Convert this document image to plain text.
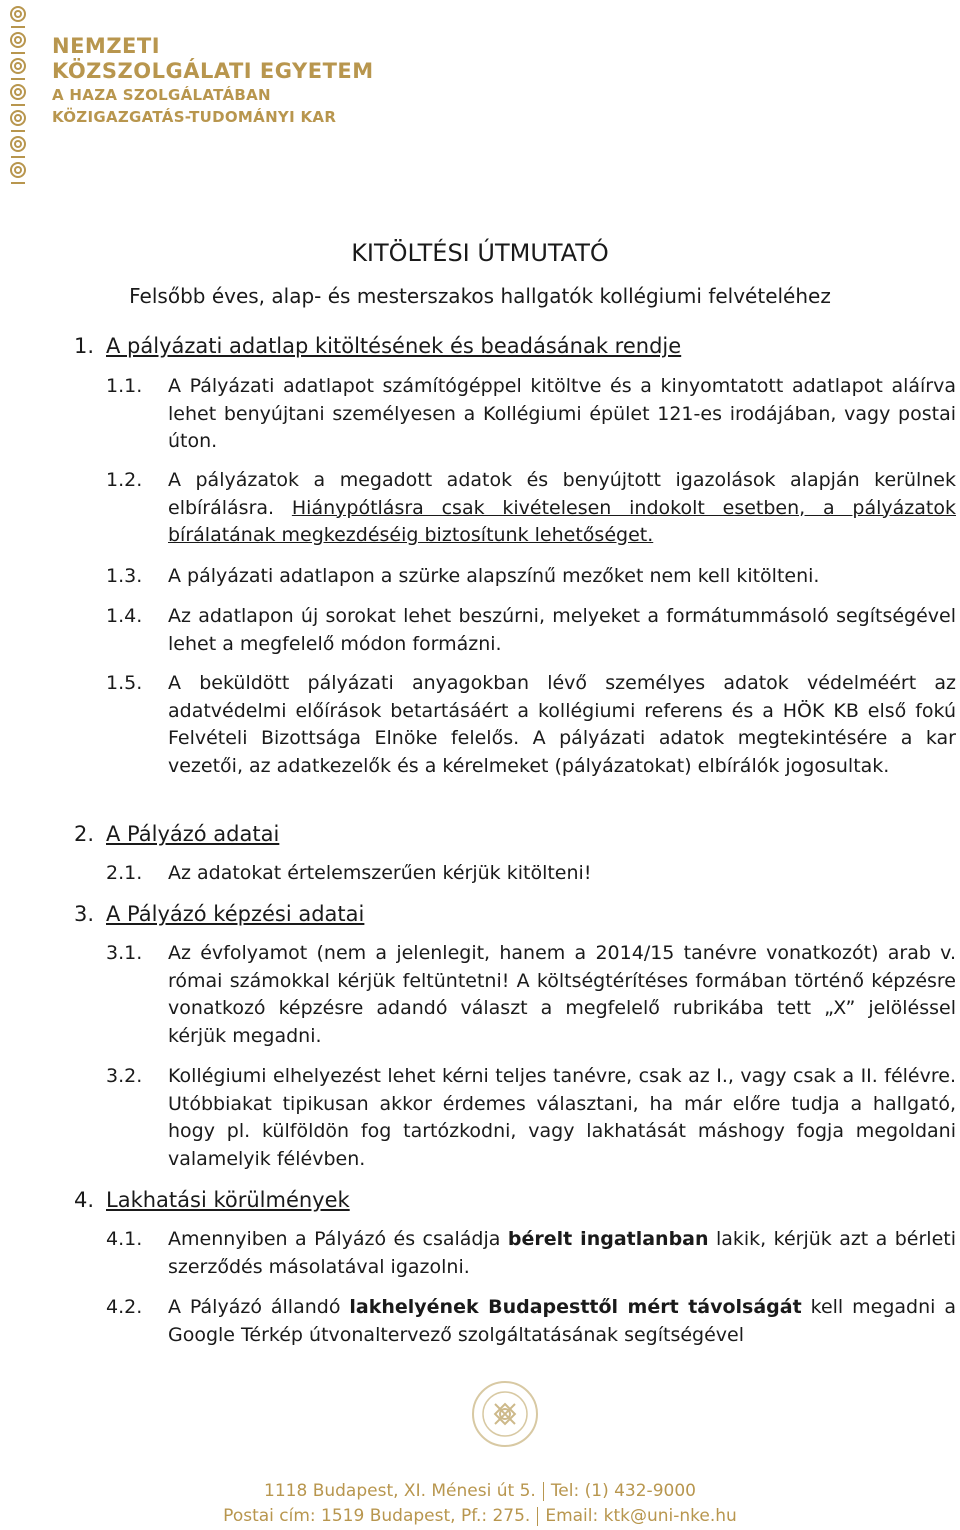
NEMZETI
KÖZSZOLGÁLATI EGYETEM
A HAZA SZOLGÁLATÁBAN
KÖZIGAZGATÁS-TUDOMÁNYI KAR
KITÖLTÉSI ÚTMUTATÓ
Felsőbb éves, alap- és mesterszakos hallgatók kollégiumi felvételéhez
1. A pályázati adatlap kitöltésének és beadásának rendje
1.1.	A Pályázati adatlapot számítógéppel kitöltve és a kinyomtatott adatlapot aláírva lehet benyújtani személyesen a Kollégiumi épület 121-es irodájában, vagy postai úton.
1.2.	A pályázatok a megadott adatok és benyújtott igazolások alapján kerülnek elbírálásra. Hiánypótlásra csak kivételesen indokolt esetben, a pályázatok bírálatának megkezdéséig biztosítunk lehetőséget.
1.3.	A pályázati adatlapon a szürke alapszínű mezőket nem kell kitölteni.
1.4.	Az adatlapon új sorokat lehet beszúrni, melyeket a formátummásoló segítségével lehet a megfelelő módon formázni.
1.5.	A beküldött pályázati anyagokban lévő személyes adatok védelméért az adatvédelmi előírások betartásáért a kollégiumi referens és a HÖK KB első fokú Felvételi Bizottsága Elnöke felelős. A pályázati adatok megtekintésére a kar vezetői, az adatkezelők és a kérelmeket (pályázatokat) elbírálók jogosultak.
2. A Pályázó adatai
2.1.	Az adatokat értelemszerűen kérjük kitölteni!
3. A Pályázó képzési adatai
3.1.	Az évfolyamot (nem a jelenlegit, hanem a 2014/15 tanévre vonatkozót) arab v. római számokkal kérjük feltüntetni! A költségtérítéses formában történő képzésre vonatkozó képzésre adandó választ a megfelelő rubrikába tett „X” jelöléssel kérjük megadni.
3.2.	Kollégiumi elhelyezést lehet kérni teljes tanévre, csak az I., vagy csak a II. félévre. Utóbbiakat tipikusan akkor érdemes választani, ha már előre tudja a hallgató, hogy pl. külföldön fog tartózkodni, vagy lakhatását máshogy fogja megoldani valamelyik félévben.
4. Lakhatási körülmények
4.1.	Amennyiben a Pályázó és családja bérelt ingatlanban lakik, kérjük azt a bérleti szerződés másolatával igazolni.
4.2.	A Pályázó állandó lakhelyének Budapesttől mért távolságát kell megadni a Google Térkép útvonaltervező szolgáltatásának segítségével
1118 Budapest, XI. Ménesi út 5. Tel: (1) 432-9000
Postai cím: 1519 Budapest, Pf.: 275. Email: ktk@uni-nke.hu
